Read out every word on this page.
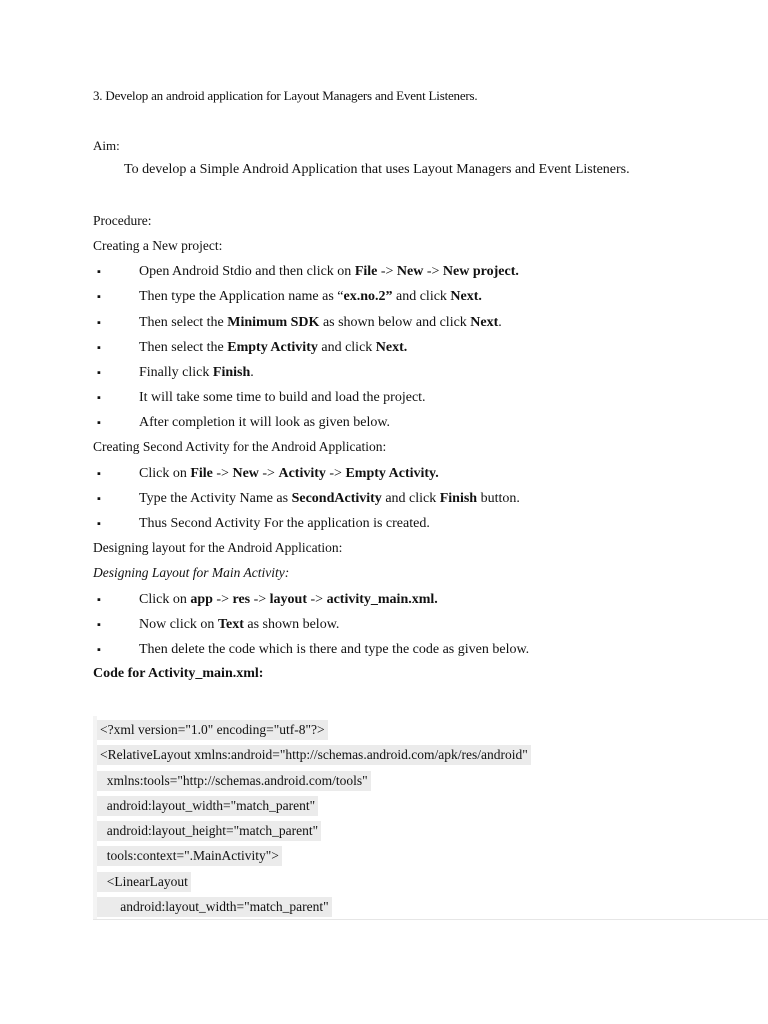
3. Develop an android application for Layout Managers and Event Listeners.
Aim:
To develop a Simple Android Application that uses Layout Managers and Event Listeners.
Procedure:
Creating a New project:
▪	Open Android Stdio and then click on File -> New -> New project.
▪	Then type the Application name as “ex.no.2” and click Next.
▪	Then select the Minimum SDK as shown below and click Next.
▪	Then select the Empty Activity and click Next.
▪	Finally click Finish.
▪	It will take some time to build and load the project.
▪	After completion it will look as given below.
Creating Second Activity for the Android Application:
▪	Click on File -> New -> Activity -> Empty Activity.
▪	Type the Activity Name as SecondActivity and click Finish button.
▪	Thus Second Activity For the application is created.
Designing layout for the Android Application:
Designing Layout for Main Activity:
▪	Click on app -> res -> layout -> activity_main.xml.
▪	Now click on Text as shown below.
▪	Then delete the code which is there and type the code as given below.
Code for Activity_main.xml:
<?xml version="1.0" encoding="utf-8"?>
<RelativeLayout xmlns:android="http://schemas.android.com/apk/res/android"
xmlns:tools="http://schemas.android.com/tools"
android:layout_width="match_parent"
android:layout_height="match_parent"
tools:context=".MainActivity">
<LinearLayout
android:layout_width="match_parent"
